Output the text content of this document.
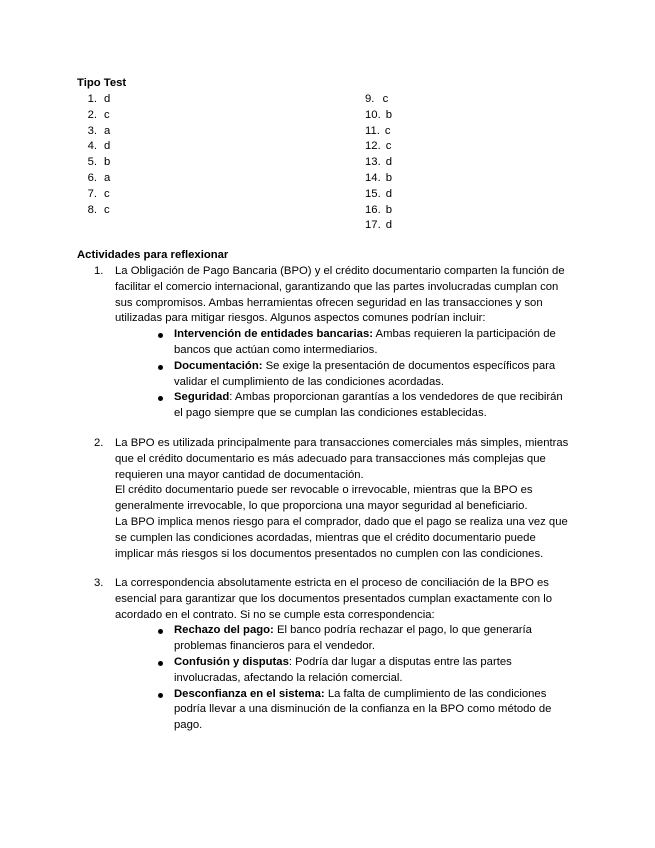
Tipo Test
1. d
2. c
3. a
4. d
5. b
6. a
7. c
8. c
9. c
10. b
11. c
12. c
13. d
14. b
15. d
16. b
17. d
Actividades para reflexionar
1. La Obligación de Pago Bancaria (BPO) y el crédito documentario comparten la función de facilitar el comercio internacional, garantizando que las partes involucradas cumplan con sus compromisos. Ambas herramientas ofrecen seguridad en las transacciones y son utilizadas para mitigar riesgos. Algunos aspectos comunes podrían incluir:

Intervención de entidades bancarias: Ambas requieren la participación de bancos que actúan como intermediarios.
Documentación: Se exige la presentación de documentos específicos para validar el cumplimiento de las condiciones acordadas.
Seguridad: Ambas proporcionan garantías a los vendedores de que recibirán el pago siempre que se cumplan las condiciones establecidas.
2. La BPO es utilizada principalmente para transacciones comerciales más simples, mientras que el crédito documentario es más adecuado para transacciones más complejas que requieren una mayor cantidad de documentación.

El crédito documentario puede ser revocable o irrevocable, mientras que la BPO es generalmente irrevocable, lo que proporciona una mayor seguridad al beneficiario.

La BPO implica menos riesgo para el comprador, dado que el pago se realiza una vez que se cumplen las condiciones acordadas, mientras que el crédito documentario puede implicar más riesgos si los documentos presentados no cumplen con las condiciones.

3. La correspondencia absolutamente estricta en el proceso de conciliación de la BPO es esencial para garantizar que los documentos presentados cumplan exactamente con lo acordado en el contrato. Si no se cumple esta correspondencia:

Rechazo del pago: El banco podría rechazar el pago, lo que generaría problemas financieros para el vendedor.
Confusión y disputas: Podría dar lugar a disputas entre las partes involucradas, afectando la relación comercial.
Desconfianza en el sistema: La falta de cumplimiento de las condiciones podría llevar a una disminución de la confianza en la BPO como método de pago.
